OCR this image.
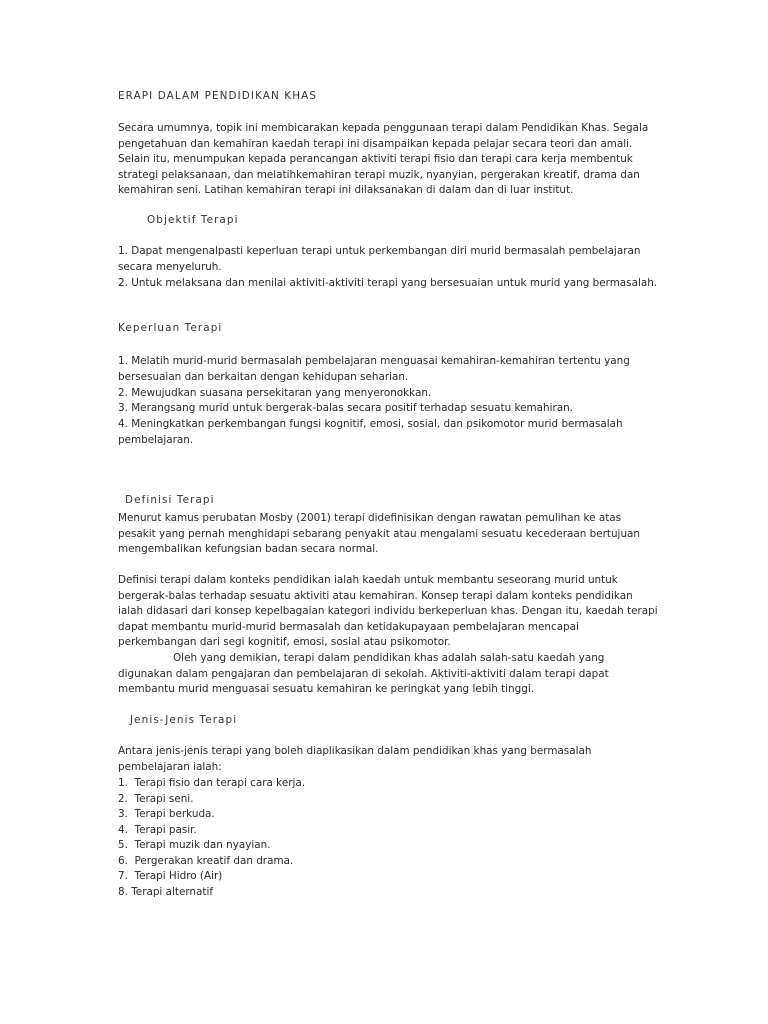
ERAPI DALAM PENDIDIKAN KHAS

Secara umumnya, topik ini membicarakan kepada penggunaan terapi dalam Pendidikan Khas. Segala pengetahuan dan kemahiran kaedah terapi ini disampaikan kepada pelajar secara teori dan amali. Selain itu, menumpukan kepada perancangan aktiviti terapi fisio dan terapi cara kerja membentuk strategi pelaksanaan, dan melatihkemahiran terapi muzik, nyanyian, pergerakan kreatif, drama dan kemahiran seni. Latihan kemahiran terapi ini dilaksanakan di dalam dan di luar institut.

Objektif Terapi

1. Dapat mengenalpasti keperluan terapi untuk perkembangan diri murid bermasalah pembelajaran secara menyeluruh.

2. Untuk melaksana dan menilai aktiviti-aktiviti terapi yang bersesuaian untuk murid yang bermasalah.

Keperluan Terapi

1. Melatih murid-murid bermasalah pembelajaran menguasai kemahiran-kemahiran tertentu yang bersesuaian dan berkaitan dengan kehidupan seharian.

2. Mewujudkan suasana persekitaran yang menyeronokkan.

3. Merangsang murid untuk bergerak-balas secara positif terhadap sesuatu kemahiran.

4. Meningkatkan perkembangan fungsi kognitif, emosi, sosial, dan psikomotor murid bermasalah pembelajaran.

Definisi Terapi

Menurut kamus perubatan Mosby (2001) terapi didefinisikan dengan rawatan pemulihan ke atas pesakit yang pernah menghidapi sebarang penyakit atau mengalami sesuatu kecederaan bertujuan mengembalikan kefungsian badan secara normal.

Definisi terapi dalam konteks pendidikan ialah kaedah untuk membantu seseorang murid untuk bergerak-balas terhadap sesuatu aktiviti atau kemahiran. Konsep terapi dalam konteks pendidikan ialah didasari dari konsep kepelbagaian kategori individu berkeperluan khas. Dengan itu, kaedah terapi dapat membantu murid-murid bermasalah dan ketidakupayaan pembelajaran mencapai perkembangan dari segi kognitif, emosi, sosial atau psikomotor.

Oleh yang demikian, terapi dalam pendidikan khas adalah salah-satu kaedah yang digunakan dalam pengajaran dan pembelajaran di sekolah. Aktiviti-aktiviti dalam terapi dapat membantu murid menguasai sesuatu kemahiran ke peringkat yang lebih tinggi.

Jenis-Jenis Terapi

Antara jenis-jenis terapi yang boleh diaplikasikan dalam pendidikan khas yang bermasalah pembelajaran ialah:

1.  Terapi fisio dan terapi cara kerja.
2.  Terapi seni.
3.  Terapi berkuda.
4.  Terapi pasir.
5.  Terapi muzik dan nyayian.
6.  Pergerakan kreatif dan drama.
7.  Terapi Hidro (Air)
8. Terapi alternatif
